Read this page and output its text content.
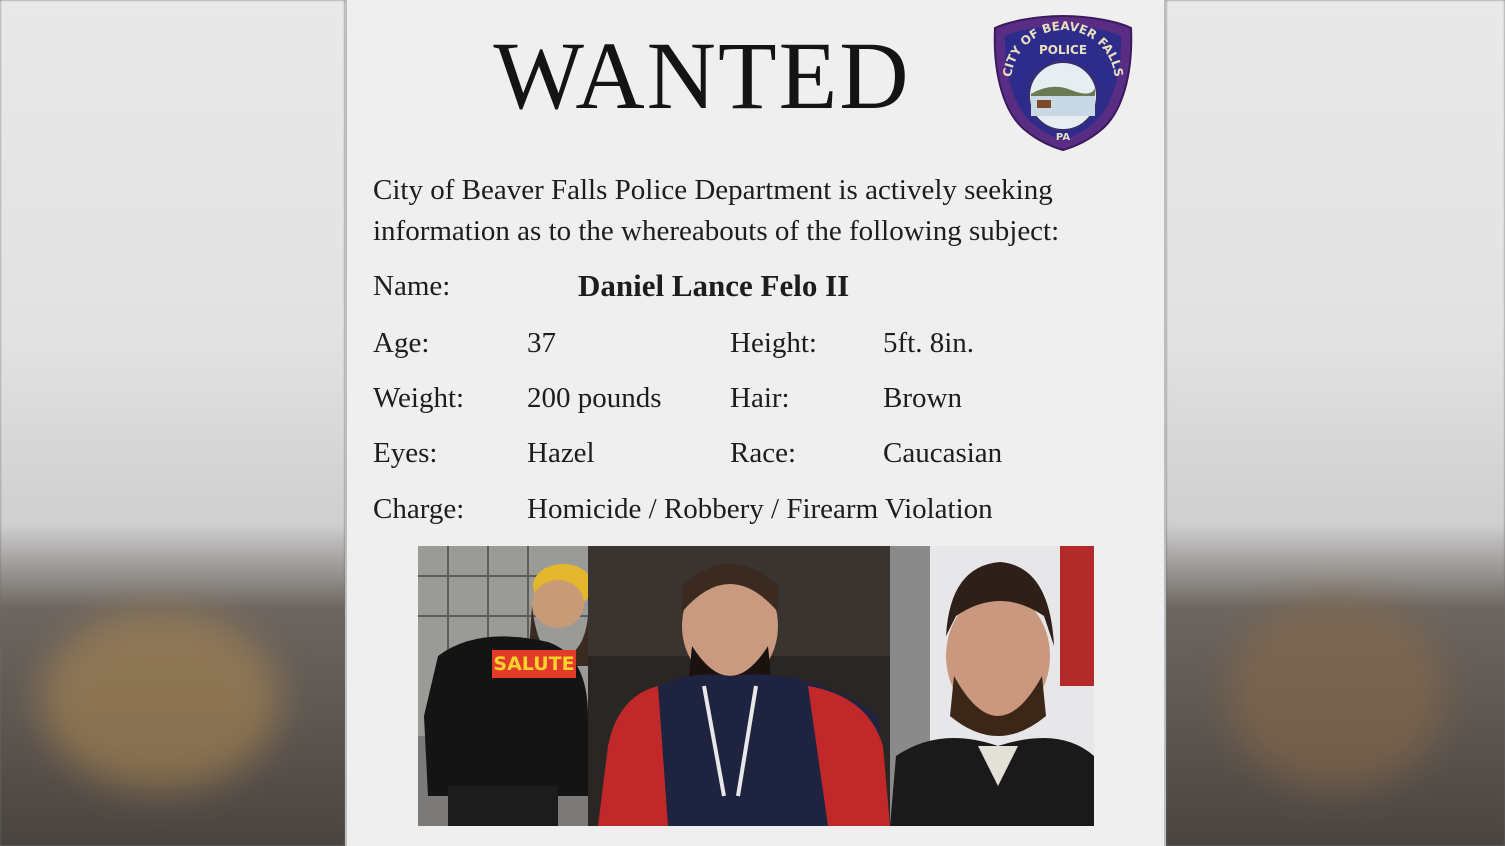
WANTED	CITY OF BEAVER FALLS
POLICE
PA
City of Beaver Falls Police Department is actively seeking
information as to the whereabouts of the following subject:
Name:	Daniel Lance Felo II
Age:	37	Height: 5ft. 8in.
Weight: 200 pounds Hair:	Brown
Eyes:	Hazel	Race:	Caucasian
Charge: Homicide / Robbery / Firearm Violation
SALUTE
